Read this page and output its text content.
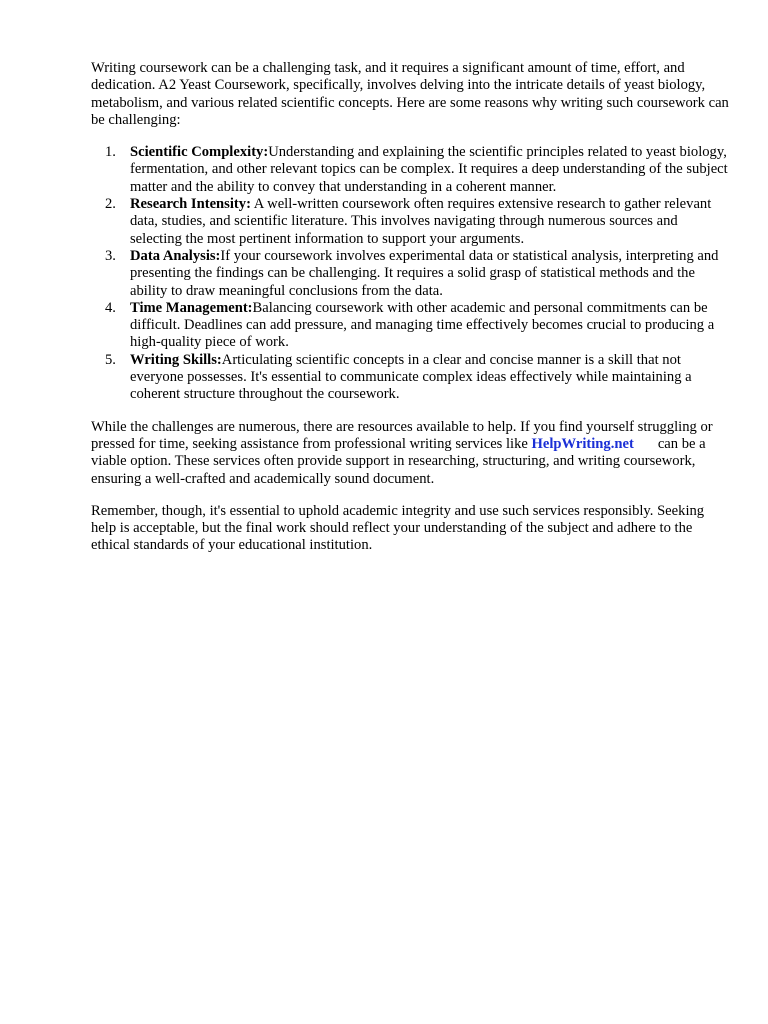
Writing coursework can be a challenging task, and it requires a significant amount of time, effort, and dedication. A2 Yeast Coursework, specifically, involves delving into the intricate details of yeast biology, metabolism, and various related scientific concepts. Here are some reasons why writing such coursework can be challenging:

1. Scientific Complexity:Understanding and explaining the scientific principles related to yeast biology, fermentation, and other relevant topics can be complex. It requires a deep understanding of the subject matter and the ability to convey that understanding in a coherent manner.
2. Research Intensity: A well-written coursework often requires extensive research to gather relevant data, studies, and scientific literature. This involves navigating through numerous sources and selecting the most pertinent information to support your arguments.
3. Data Analysis:If your coursework involves experimental data or statistical analysis, interpreting and presenting the findings can be challenging. It requires a solid grasp of statistical methods and the ability to draw meaningful conclusions from the data.
4. Time Management:Balancing coursework with other academic and personal commitments can be difficult. Deadlines can add pressure, and managing time effectively becomes crucial to producing a high-quality piece of work.
5. Writing Skills:Articulating scientific concepts in a clear and concise manner is a skill that not everyone possesses. It's essential to communicate complex ideas effectively while maintaining a coherent structure throughout the coursework.

While the challenges are numerous, there are resources available to help. If you find yourself struggling or pressed for time, seeking assistance from professional writing services like HelpWriting.net can be a viable option. These services often provide support in researching, structuring, and writing coursework, ensuring a well-crafted and academically sound document.

Remember, though, it's essential to uphold academic integrity and use such services responsibly. Seeking help is acceptable, but the final work should reflect your understanding of the subject and adhere to the ethical standards of your educational institution.
